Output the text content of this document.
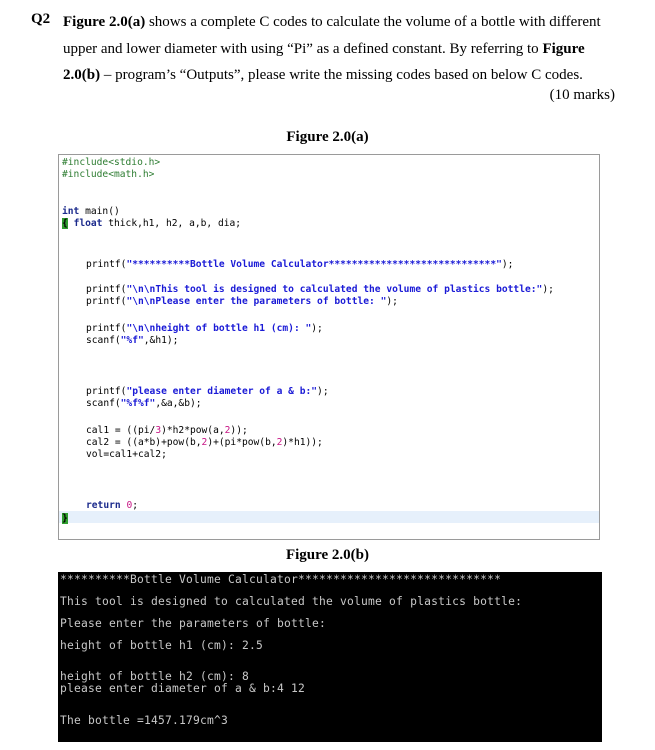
Q2 Figure 2.0(a) shows a complete C codes to calculate the volume of a bottle with different upper and lower diameter with using “Pi” as a defined constant. By referring to Figure 2.0(b) – program’s “Outputs”, please write the missing codes based on below C codes.
(10 marks)
Figure 2.0(a)
#include<stdio.h>
#include<math.h>
int main()
{ float thick,h1, h2, a,b, dia;
printf("**********Bottle Volume Calculator*****************************");
printf("\n\nThis tool is designed to calculated the volume of plastics bottle:");
printf("\n\nPlease enter the parameters of bottle: ");
printf("\n\nheight of bottle h1 (cm): ");
scanf("%f",&h1);
printf("please enter diameter of a & b:");
scanf("%f%f",&a,&b);
cal1 = ((pi/3)*h2*pow(a,2));
cal2 = ((a*b)+pow(b,2)+(pi*pow(b,2)*h1));
vol=cal1+cal2;
return 0;
}
Figure 2.0(b)
**********Bottle Volume Calculator*****************************
This tool is designed to calculated the volume of plastics bottle:
Please enter the parameters of bottle:
height of bottle h1 (cm): 2.5
height of bottle h2 (cm): 8
please enter diameter of a & b:4 12
The bottle =1457.179cm^3
